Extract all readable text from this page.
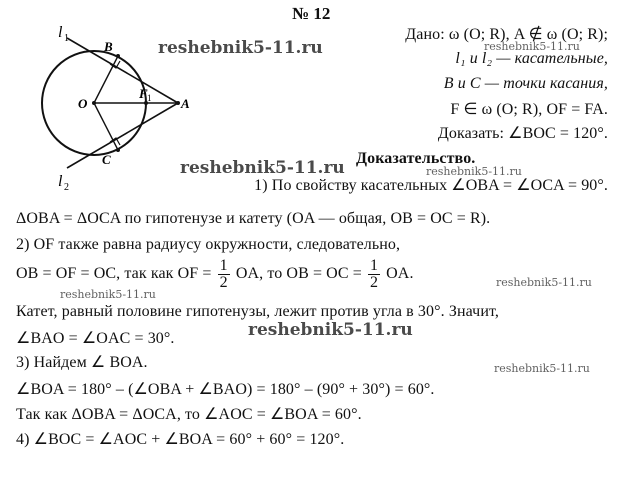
№ 12
l 1
l 2
B
C
O
F 1 A
Дано: ω (O; R), A ∉ ω (O; R);
l₁ и l₂ — касательные,
B и C — точки касания,
F ∈ ω (O; R), OF = FA.
Доказать: ∠BOC = 120°.
Доказательство.
1) По свойству касательных ∠OBA = ∠OCA = 90°.
ΔOBA = ΔOCA по гипотенузе и катету (OA — общая, OB = OC = R).
2) OF также равна радиусу окружности, следовательно,
OB = OF = OC, так как OF = $\frac{1}{2}$ OA, то OB = OC = $\frac{1}{2}$ OA.
Катет, равный половине гипотенузы, лежит против угла в 30°. Значит,
∠BAO = ∠OAC = 30°.
3) Найдем ∠ BOA.
∠BOA = 180° – (∠OBA + ∠BAO) = 180° – (90° + 30°) = 60°.
Так как ΔOBA = ΔOCA, то ∠AOC = ∠BOA = 60°.
4) ∠BOC = ∠AOC + ∠BOA = 60° + 60° = 120°.
reshebnik5-11.ru	reshebnik5-11.ru
reshebnik5-11.ru	reshebnik5-11.ru
reshebnik5-11.ru
reshebnik5-11.ru
reshebnik5-11.ru
reshebnik5-11.ru
